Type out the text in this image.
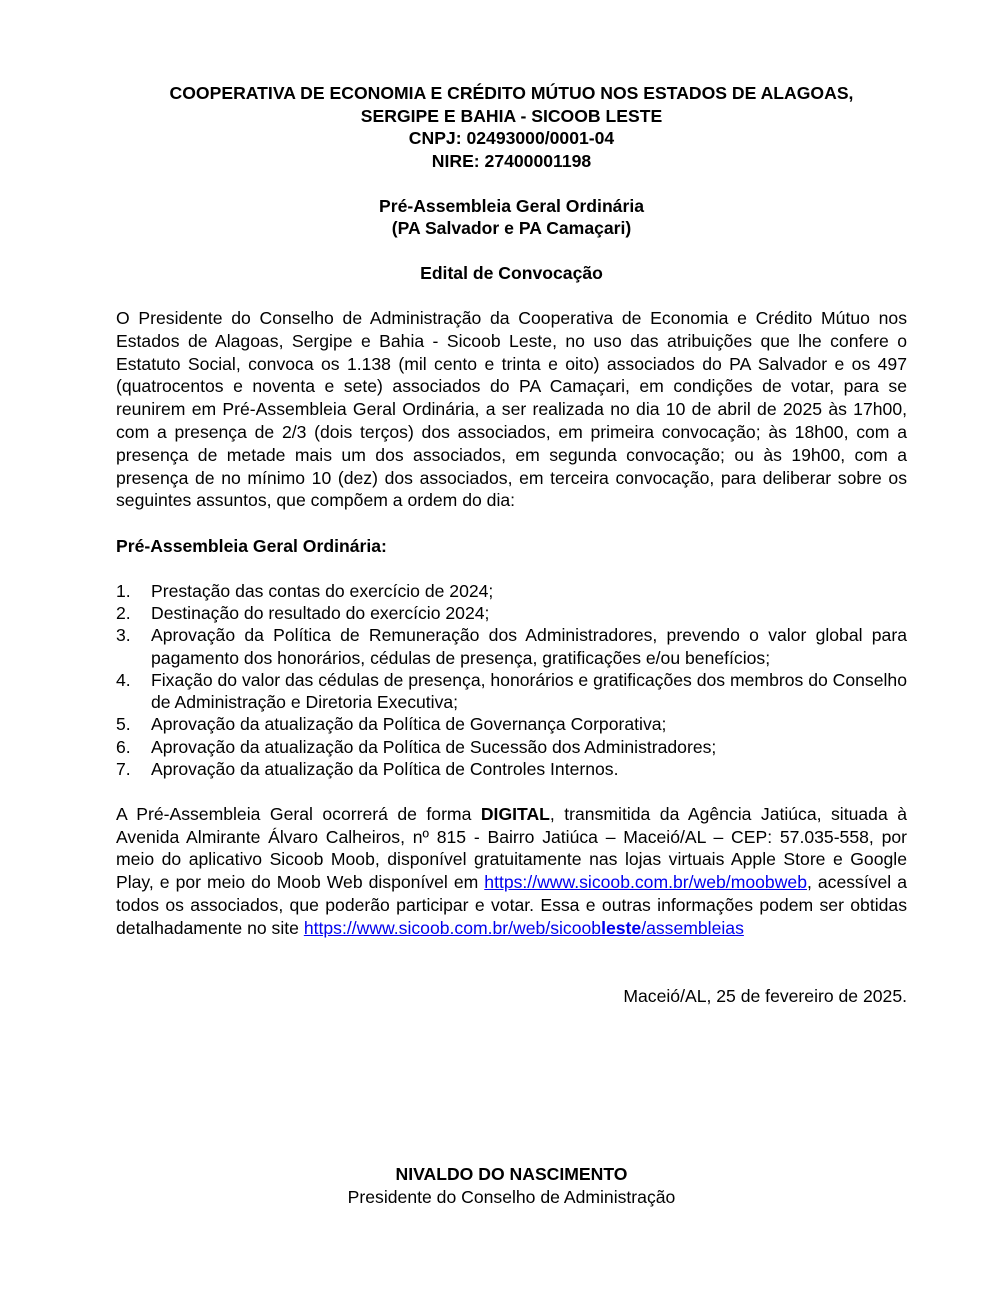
COOPERATIVA DE ECONOMIA E CRÉDITO MÚTUO NOS ESTADOS DE ALAGOAS,
SERGIPE E BAHIA - SICOOB LESTE
CNPJ: 02493000/0001-04
NIRE: 27400001198
Pré-Assembleia Geral Ordinária
(PA Salvador e PA Camaçari)
Edital de Convocação

O Presidente do Conselho de Administração da Cooperativa de Economia e Crédito Mútuo nos Estados de Alagoas, Sergipe e Bahia - Sicoob Leste, no uso das atribuições que lhe confere o Estatuto Social, convoca os 1.138 (mil cento e trinta e oito) associados do PA Salvador e os 497 (quatrocentos e noventa e sete) associados do PA Camaçari, em condições de votar, para se reunirem em Pré-Assembleia Geral Ordinária, a ser realizada no dia 10 de abril de 2025 às 17h00, com a presença de 2/3 (dois terços) dos associados, em primeira convocação; às 18h00, com a presença de metade mais um dos associados, em segunda convocação; ou às 19h00, com a presença de no mínimo 10 (dez) dos associados, em terceira convocação, para deliberar sobre os seguintes assuntos, que compõem a ordem do dia:

Pré-Assembleia Geral Ordinária:
1. Prestação das contas do exercício de 2024;
2. Destinação do resultado do exercício 2024;
3. Aprovação da Política de Remuneração dos Administradores, prevendo o valor global para pagamento dos honorários, cédulas de presença, gratificações e/ou benefícios;
4. Fixação do valor das cédulas de presença, honorários e gratificações dos membros do Conselho de Administração e Diretoria Executiva;
5. Aprovação da atualização da Política de Governança Corporativa;
6. Aprovação da atualização da Política de Sucessão dos Administradores;
7. Aprovação da atualização da Política de Controles Internos.

A Pré-Assembleia Geral ocorrerá de forma DIGITAL, transmitida da Agência Jatiúca, situada à Avenida Almirante Álvaro Calheiros, nº 815 - Bairro Jatiúca – Maceió/AL – CEP: 57.035-558, por meio do aplicativo Sicoob Moob, disponível gratuitamente nas lojas virtuais Apple Store e Google Play, e por meio do Moob Web disponível em https://www.sicoob.com.br/web/moobweb, acessível a todos os associados, que poderão participar e votar. Essa e outras informações podem ser obtidas detalhadamente no site https://www.sicoob.com.br/web/sicoobleste/assembleias

Maceió/AL, 25 de fevereiro de 2025.
NIVALDO DO NASCIMENTO
Presidente do Conselho de Administração
